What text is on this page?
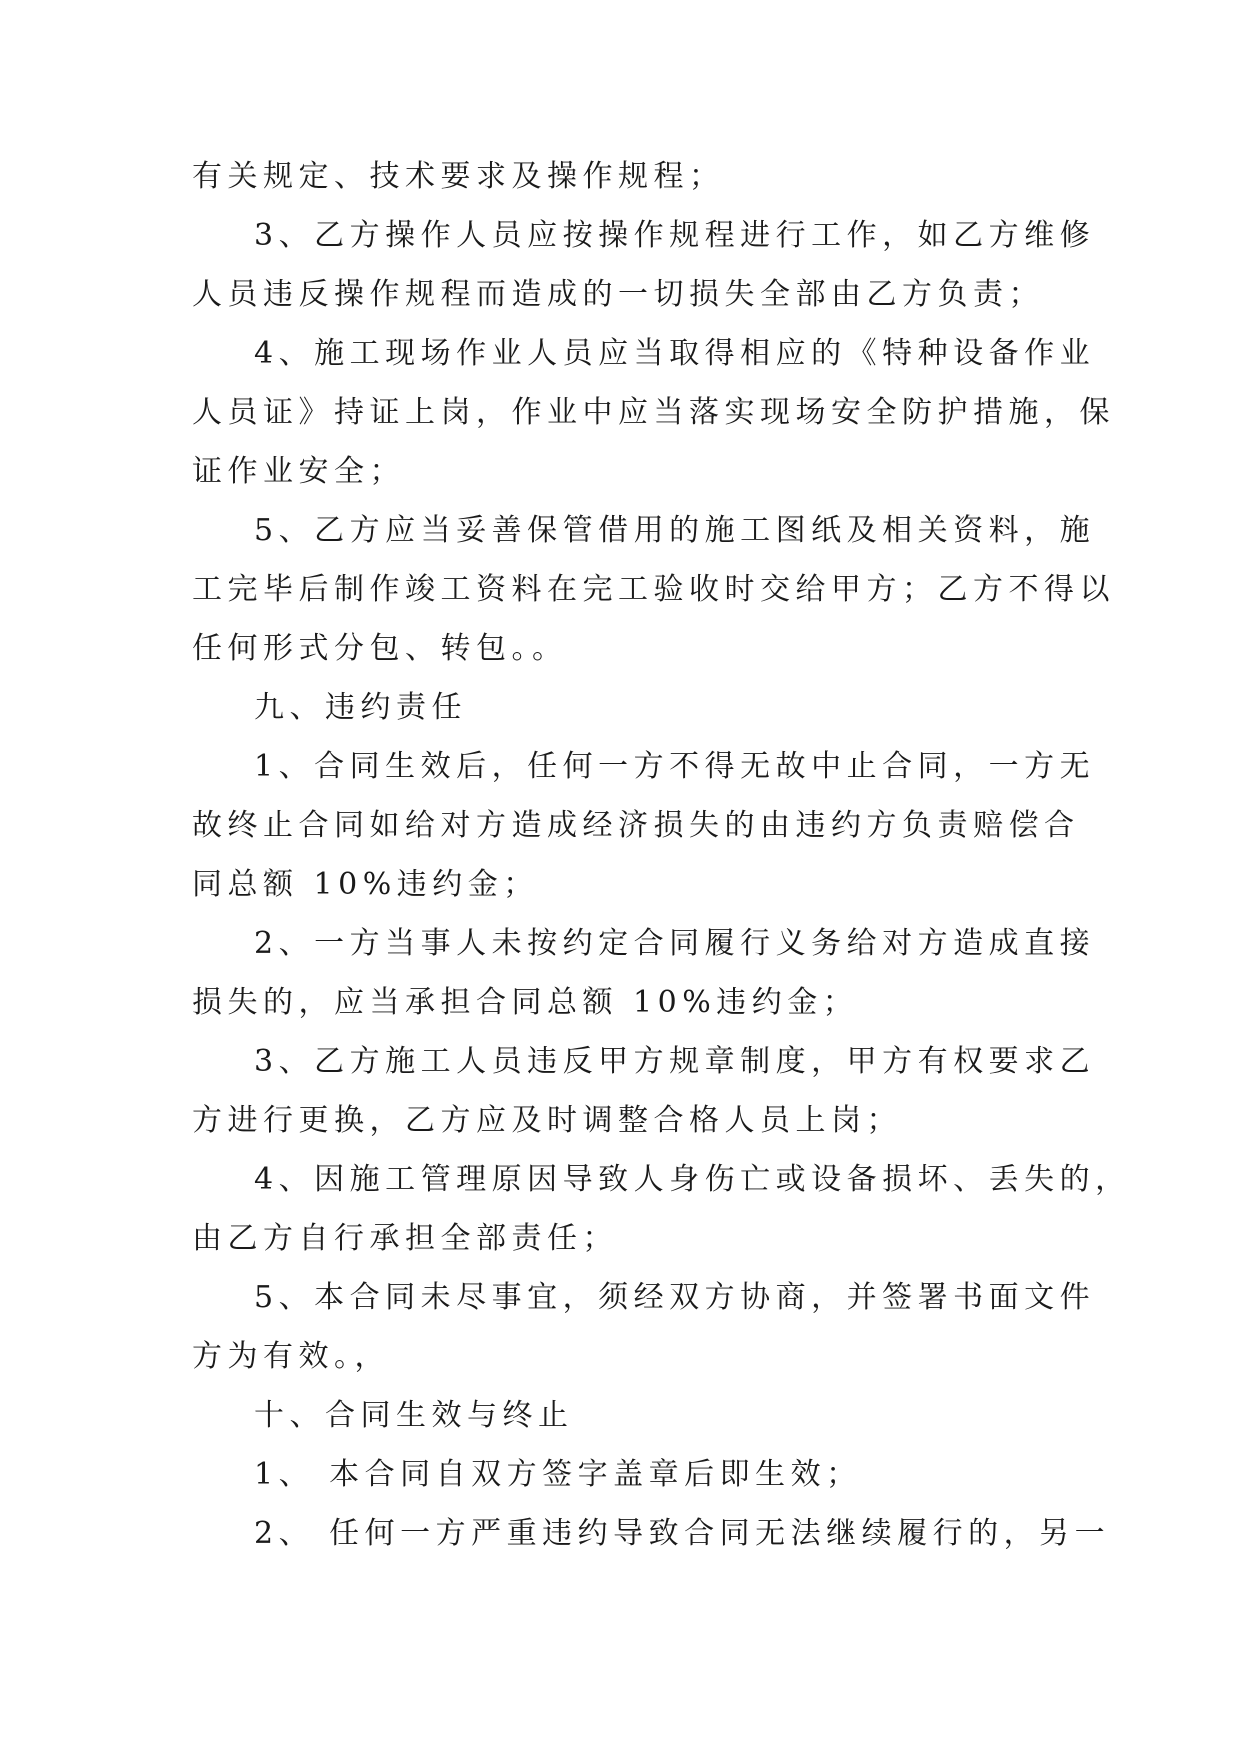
有关规定、技术要求及操作规程；
3、乙方操作人员应按操作规程进行工作，如乙方维修
人员违反操作规程而造成的一切损失全部由乙方负责；
4、施工现场作业人员应当取得相应的《特种设备作业
人员证》持证上岗，作业中应当落实现场安全防护措施，保
证作业安全；
5、乙方应当妥善保管借用的施工图纸及相关资料，施
工完毕后制作竣工资料在完工验收时交给甲方；乙方不得以
任何形式分包、转包。。
九、违约责任
1、合同生效后，任何一方不得无故中止合同，一方无
故终止合同如给对方造成经济损失的由违约方负责赔偿合
同总额 10%违约金；
2、一方当事人未按约定合同履行义务给对方造成直接
损失的，应当承担合同总额 10%违约金；
3、乙方施工人员违反甲方规章制度，甲方有权要求乙
方进行更换，乙方应及时调整合格人员上岗；
4、因施工管理原因导致人身伤亡或设备损坏、丢失的，
由乙方自行承担全部责任；
5、本合同未尽事宜，须经双方协商，并签署书面文件
方为有效。，
十、合同生效与终止
1、 本合同自双方签字盖章后即生效；
2、 任何一方严重违约导致合同无法继续履行的，另一
